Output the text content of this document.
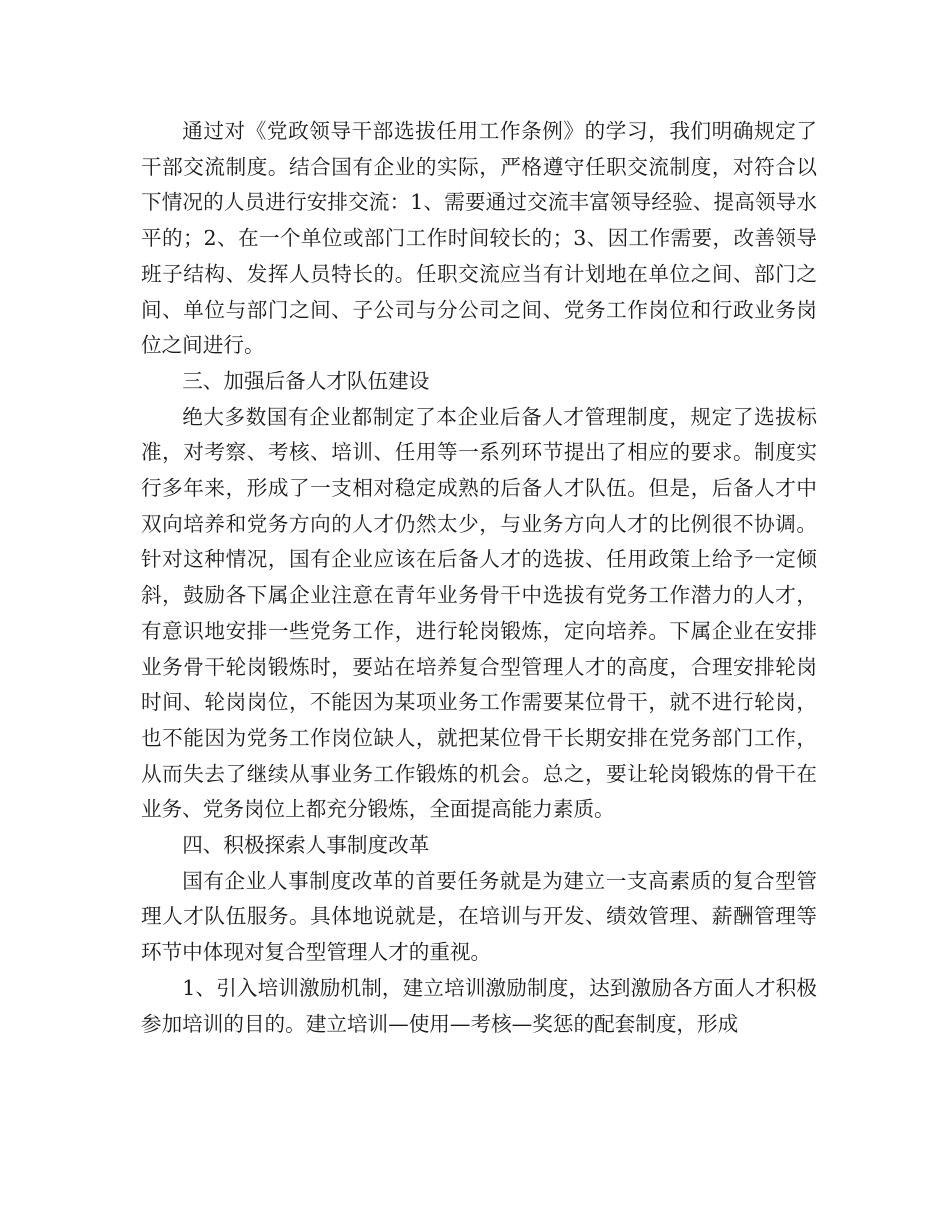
通过对《党政领导干部选拔任用工作条例》的学习，我们明确规定了干部交流制度。结合国有企业的实际，严格遵守任职交流制度，对符合以下情况的人员进行安排交流：1、需要通过交流丰富领导经验、提高领导水平的；2、在一个单位或部门工作时间较长的；3、因工作需要，改善领导班子结构、发挥人员特长的。任职交流应当有计划地在单位之间、部门之间、单位与部门之间、子公司与分公司之间、党务工作岗位和行政业务岗位之间进行。

三、加强后备人才队伍建设

绝大多数国有企业都制定了本企业后备人才管理制度，规定了选拔标准，对考察、考核、培训、任用等一系列环节提出了相应的要求。制度实行多年来，形成了一支相对稳定成熟的后备人才队伍。但是，后备人才中双向培养和党务方向的人才仍然太少，与业务方向人才的比例很不协调。针对这种情况，国有企业应该在后备人才的选拔、任用政策上给予一定倾斜，鼓励各下属企业注意在青年业务骨干中选拔有党务工作潜力的人才，有意识地安排一些党务工作，进行轮岗锻炼，定向培养。下属企业在安排业务骨干轮岗锻炼时，要站在培养复合型管理人才的高度，合理安排轮岗时间、轮岗岗位，不能因为某项业务工作需要某位骨干，就不进行轮岗，也不能因为党务工作岗位缺人，就把某位骨干长期安排在党务部门工作，从而失去了继续从事业务工作锻炼的机会。总之，要让轮岗锻炼的骨干在业务、党务岗位上都充分锻炼，全面提高能力素质。

四、积极探索人事制度改革

国有企业人事制度改革的首要任务就是为建立一支高素质的复合型管理人才队伍服务。具体地说就是，在培训与开发、绩效管理、薪酬管理等环节中体现对复合型管理人才的重视。

1、引入培训激励机制，建立培训激励制度，达到激励各方面人才积极参加培训的目的。建立培训—使用—考核—奖惩的配套制度，形成
